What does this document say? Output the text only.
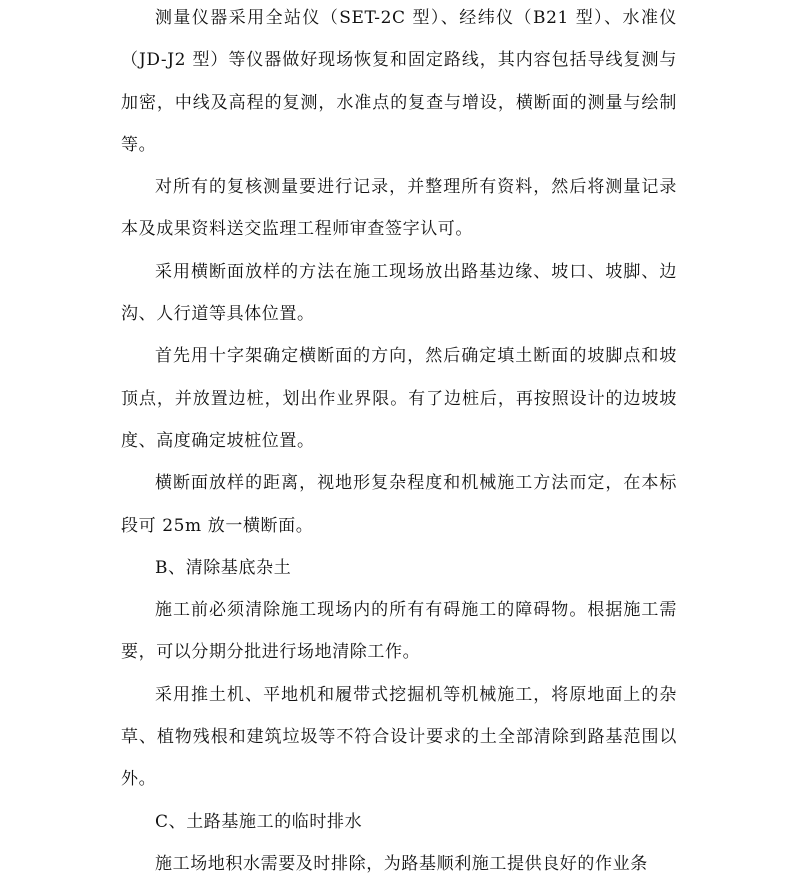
测量仪器采用全站仪（SET-2C 型）、经纬仪（B21 型）、水准仪（JD-J2 型）等仪器做好现场恢复和固定路线，其内容包括导线复测与加密，中线及高程的复测，水准点的复查与增设，横断面的测量与绘制等。

对所有的复核测量要进行记录，并整理所有资料，然后将测量记录本及成果资料送交监理工程师审查签字认可。

采用横断面放样的方法在施工现场放出路基边缘、坡口、坡脚、边沟、人行道等具体位置。

首先用十字架确定横断面的方向，然后确定填土断面的坡脚点和坡顶点，并放置边桩，划出作业界限。有了边桩后，再按照设计的边坡坡度、高度确定坡桩位置。

横断面放样的距离，视地形复杂程度和机械施工方法而定，在本标段可 25m 放一横断面。

B、清除基底杂土

施工前必须清除施工现场内的所有有碍施工的障碍物。根据施工需要，可以分期分批进行场地清除工作。

采用推土机、平地机和履带式挖掘机等机械施工，将原地面上的杂草、植物残根和建筑垃圾等不符合设计要求的土全部清除到路基范围以外。

C、土路基施工的临时排水

施工场地积水需要及时排除，为路基顺利施工提供良好的作业条
